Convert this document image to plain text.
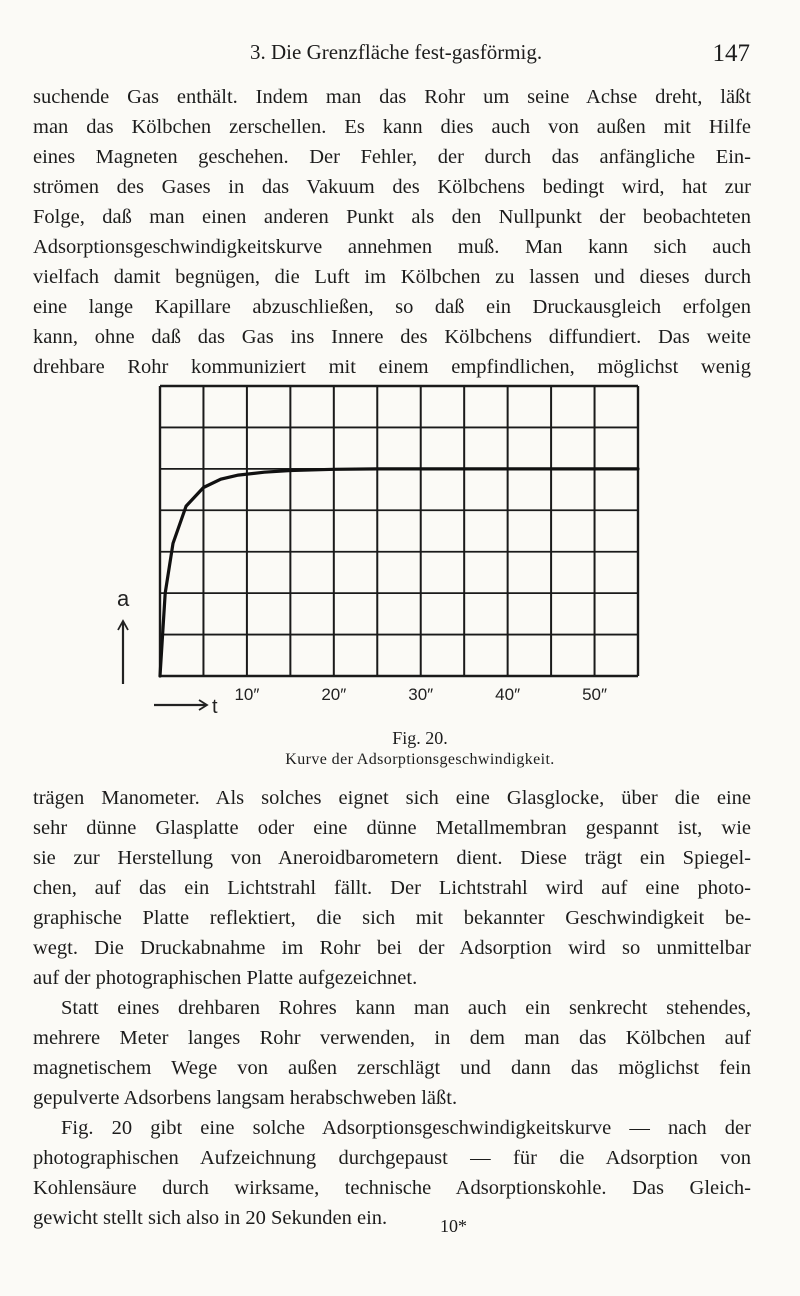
3. Die Grenzfläche fest-gasförmig.	147
suchende Gas enthält. Indem man das Rohr um seine Achse dreht, läßt
man das Kölbchen zerschellen. Es kann dies auch von außen mit Hilfe
eines Magneten geschehen. Der Fehler, der durch das anfängliche Ein-
strömen des Gases in das Vakuum des Kölbchens bedingt wird, hat zur
Folge, daß man einen anderen Punkt als den Nullpunkt der beobachteten
Adsorptionsgeschwindigkeitskurve annehmen muß. Man kann sich auch
vielfach damit begnügen, die Luft im Kölbchen zu lassen und dieses durch
eine lange Kapillare abzuschließen, so daß ein Druckausgleich erfolgen
kann, ohne daß das Gas ins Innere des Kölbchens diffundiert. Das weite
drehbare Rohr kommuniziert mit einem empfindlichen, möglichst wenig
10″	20″	30″	40″	50″
a
t
Fig. 20.
Kurve der Adsorptionsgeschwindigkeit.
trägen Manometer. Als solches eignet sich eine Glasglocke, über die eine
sehr dünne Glasplatte oder eine dünne Metallmembran gespannt ist, wie
sie zur Herstellung von Aneroidbarometern dient. Diese trägt ein Spiegel-
chen, auf das ein Lichtstrahl fällt. Der Lichtstrahl wird auf eine photo-
graphische Platte reflektiert, die sich mit bekannter Geschwindigkeit be-
wegt. Die Druckabnahme im Rohr bei der Adsorption wird so unmittelbar
auf der photographischen Platte aufgezeichnet.
Statt eines drehbaren Rohres kann man auch ein senkrecht stehendes,
mehrere Meter langes Rohr verwenden, in dem man das Kölbchen auf
magnetischem Wege von außen zerschlägt und dann das möglichst fein
gepulverte Adsorbens langsam herabschweben läßt.
Fig. 20 gibt eine solche Adsorptionsgeschwindigkeitskurve — nach der
photographischen Aufzeichnung durchgepaust — für die Adsorption von
Kohlensäure durch wirksame, technische Adsorptionskohle. Das Gleich-
gewicht stellt sich also in 20 Sekunden ein.	10*
